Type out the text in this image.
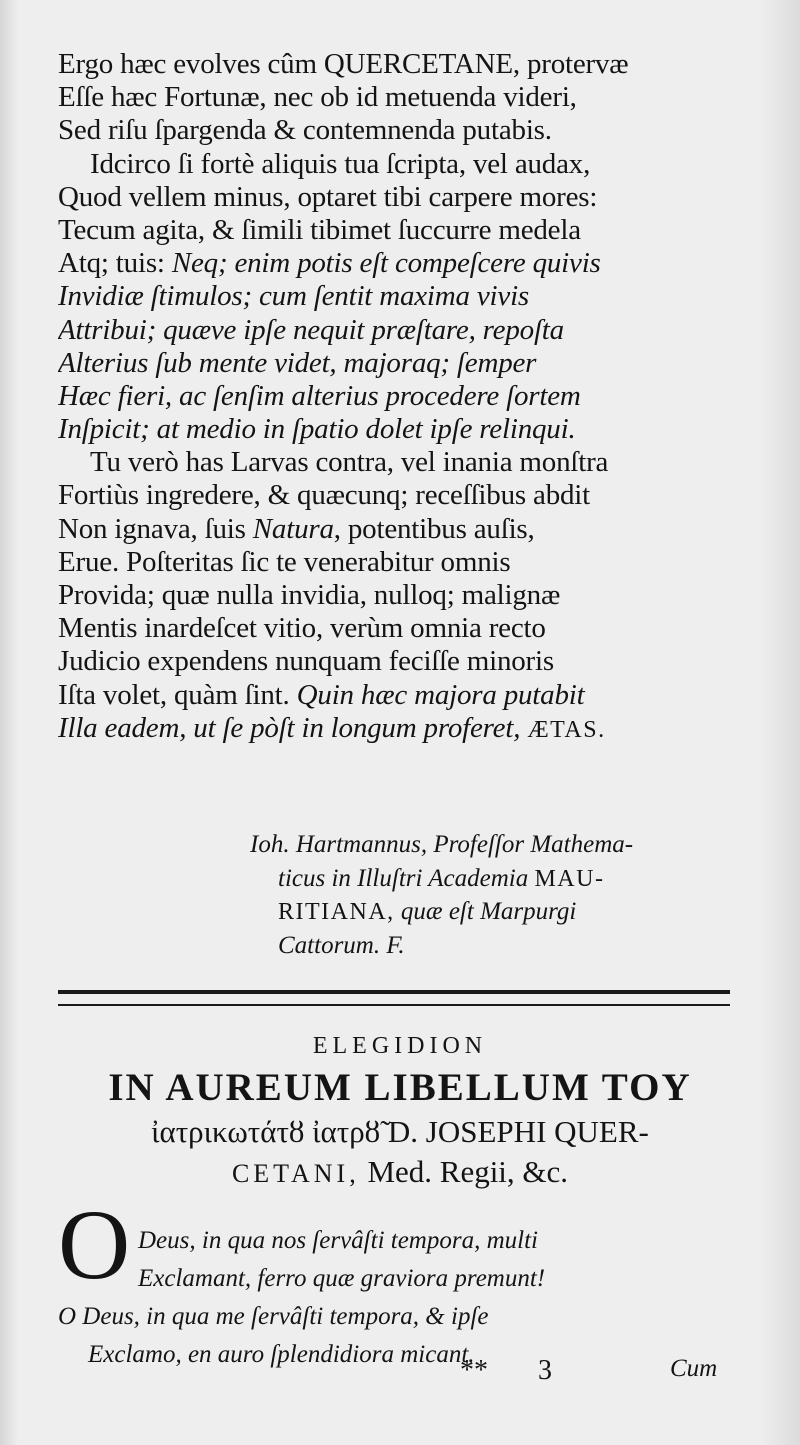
Ergo hæc evolves cûm QUERCETANE, protervæ
Eſſe hæc Fortunæ, nec ob id metuenda videri,
Sed riſu ſpargenda & contemnenda putabis.
Idcirco ſi fortè aliquis tua ſcripta, vel audax,
Quod vellem minus, optaret tibi carpere mores:
Tecum agita, & ſimili tibimet ſuccurre medela
Atq; tuis: Neq; enim potis eſt compeſcere quivis
Invidiæ ſtimulos; cum ſentit maxima vivis
Attribui; quæve ipſe nequit præſtare, repoſta
Alterius ſub mente videt, majoraq; ſemper
Hæc fieri, ac ſenſim alterius procedere ſortem
Inſpicit; at medio in ſpatio dolet ipſe relinqui.
Tu verò has Larvas contra, vel inania monſtra
Fortiùs ingredere, & quæcunq; receſſibus abdit
Non ignava, ſuis Natura, potentibus auſis,
Erue. Poſteritas ſic te venerabitur omnis
Provida; quæ nulla invidia, nulloq; malignæ
Mentis inardeſcet vitio, verùm omnia recto
Judicio expendens nunquam feciſſe minoris
Iſta volet, quàm ſint. Quin hæc majora putabit
Illa eadem, ut ſe pòſt in longum proferet, ÆTAS.
Ioh. Hartmannus, Profeſſor Mathema-
ticus in Illuſtri Academia MAU-
RITIANA, quæ eſt Marpurgi
Cattorum. F.
ELEGIDION
IN AUREUM LIBELLUM TOY
ἰατρικωτάτȣ ἰατρȣ̃ D. JOSEPHI QUER-
CETANI, Med. Regii, &c.
O Deus, in qua nos ſervâſti tempora, multi
Exclamant, ferro quæ graviora premunt!
O Deus, in qua me ſervâſti tempora, & ipſe
Exclamo, en auro ſplendidiora micant.
** 3	Cum
